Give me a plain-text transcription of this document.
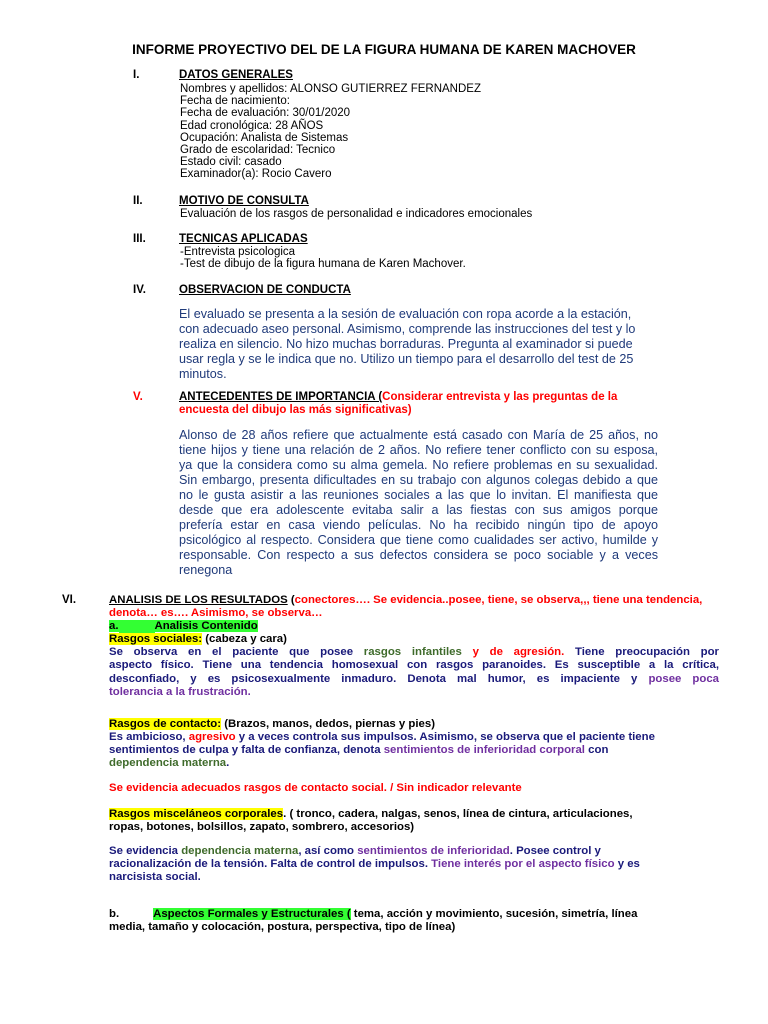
INFORME PROYECTIVO DEL DE LA FIGURA HUMANA DE KAREN MACHOVER
I.	DATOS GENERALES
Nombres y apellidos: ALONSO GUTIERREZ FERNANDEZ
Fecha de nacimiento:
Fecha de evaluación: 30/01/2020
Edad cronológica: 28 AÑOS
Ocupación: Analista de Sistemas
Grado de escolaridad: Tecnico
Estado civil: casado
Examinador(a): Rocio Cavero
II.	MOTIVO DE CONSULTA
Evaluación de los rasgos de personalidad e indicadores emocionales
III.	TECNICAS APLICADAS
-Entrevista psicologica
-Test de dibujo de la figura humana de Karen Machover.
IV.	OBSERVACION DE CONDUCTA
El evaluado se presenta a la sesión de evaluación con ropa acorde a la estación,
con adecuado aseo personal. Asimismo, comprende las instrucciones del test y lo
realiza en silencio. No hizo muchas borraduras. Pregunta al examinador si puede
usar regla y se le indica que no. Utilizo un tiempo para el desarrollo del test de 25
minutos.
V.	ANTECEDENTES DE IMPORTANCIA (Considerar entrevista y las preguntas de la
encuesta del dibujo las más significativas)
Alonso de 28 años refiere que actualmente está casado con María de 25 años, no
tiene hijos y tiene una relación de 2 años. No refiere tener conflicto con su esposa,
ya que la considera como su alma gemela. No refiere problemas en su sexualidad.
Sin embargo, presenta dificultades en su trabajo con algunos colegas debido a que
no le gusta asistir a las reuniones sociales a las que lo invitan. El manifiesta que
desde que era adolescente evitaba salir a las fiestas con sus amigos porque
prefería estar en casa viendo películas. No ha recibido ningún tipo de apoyo
psicológico al respecto. Considera que tiene como cualidades ser activo, humilde y
responsable. Con respecto a sus defectos considera se poco sociable y a veces
renegona
VI.	ANALISIS DE LOS RESULTADOS (conectores…. Se evidencia..posee, tiene, se observa,,, tiene una tendencia,
denota… es…. Asimismo, se observa…
a.	Analisis Contenido
Rasgos sociales: (cabeza y cara)
Se observa en el paciente que posee rasgos infantiles y de agresión. Tiene preocupación por
aspecto físico. Tiene una tendencia homosexual con rasgos paranoides. Es susceptible a la crítica,
desconfiado, y es psicosexualmente inmaduro. Denota mal humor, es impaciente y posee poca
tolerancia a la frustración.
Rasgos de contacto: (Brazos, manos, dedos, piernas y pies)
Es ambicioso, agresivo y a veces controla sus impulsos. Asimismo, se observa que el paciente tiene
sentimientos de culpa y falta de confianza, denota sentimientos de inferioridad corporal con
dependencia materna.
Se evidencia adecuados rasgos de contacto social. / Sin indicador relevante
Rasgos misceláneos corporales. ( tronco, cadera, nalgas, senos, línea de cintura, articulaciones,
ropas, botones, bolsillos, zapato, sombrero, accesorios)
Se evidencia dependencia materna, así como sentimientos de inferioridad. Posee control y
racionalización de la tensión. Falta de control de impulsos. Tiene interés por el aspecto físico y es
narcisista social.
b.	Aspectos Formales y Estructurales ( tema, acción y movimiento, sucesión, simetría, línea
media, tamaño y colocación, postura, perspectiva, tipo de línea)
